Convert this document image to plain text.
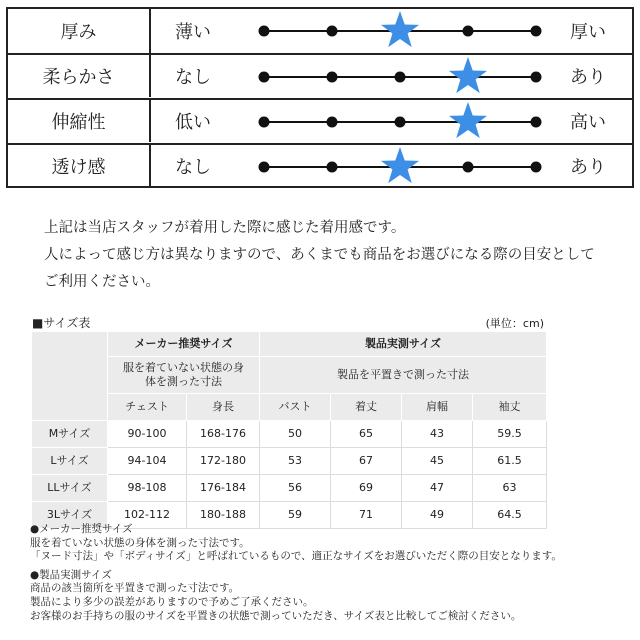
厚み	薄い	厚い
柔らかさ	なし	あり
伸縮性	低い	高い
透け感	なし	あり

上記は当店スタッフが着用した際に感じた着用感です。

人によって感じ方は異なりますので、あくまでも商品をお選びになる際の目安として

ご利用ください。

■サイズ表	(単位：cm)
	メーカー推奨サイズ		製品実測サイズ			
	服を着ていない状態の身体を測った寸法		製品を平置きで測った寸法			
	チェスト	身長	バスト	着丈	肩幅	袖丈
Mサイズ	90-100	168-176	50	65	43	59.5
Lサイズ	94-104	172-180	53	67	45	61.5
LLサイズ	98-108	176-184	56	69	47	63
3Lサイズ	102-112	180-188	59	71	49	64.5

●メーカー推奨サイズ

服を着ていない状態の身体を測った寸法です。

「ヌード寸法」や「ボディサイズ」と呼ばれているもので、適正なサイズをお選びいただく際の目安となります。

●製品実測サイズ

商品の該当箇所を平置きで測った寸法です。

製品により多少の誤差がありますので予めご了承ください。

お客様のお手持ちの服のサイズを平置きの状態で測っていただき、サイズ表と比較してご検討ください。
